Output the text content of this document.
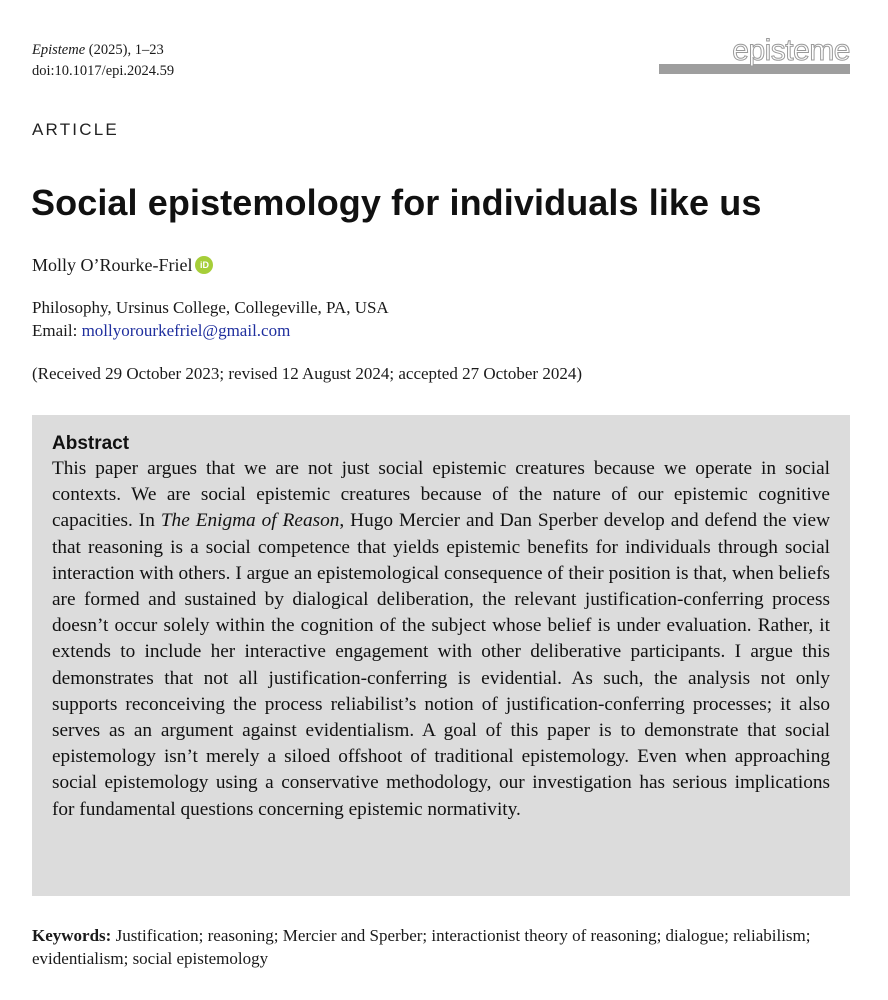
Episteme (2025), 1–23
doi:10.1017/epi.2024.59
episteme
ARTICLE
Social epistemology for individuals like us
Molly O’Rourke-Friel iD
Philosophy, Ursinus College, Collegeville, PA, USA
Email: mollyorourkefriel@gmail.com
(Received 29 October 2023; revised 12 August 2024; accepted 27 October 2024)
Abstract
This paper argues that we are not just social epistemic creatures because we operate in social contexts. We are social epistemic creatures because of the nature of our epistemic cognitive capacities. In The Enigma of Reason, Hugo Mercier and Dan Sperber develop and defend the view that reasoning is a social competence that yields epistemic benefits for individuals through social interaction with others. I argue an epistemological consequence of their position is that, when beliefs are formed and sustained by dialogical deliberation, the relevant justification-conferring process doesn’t occur solely within the cognition of the subject whose belief is under evaluation. Rather, it extends to include her interactive engagement with other deliberative participants. I argue this demonstrates that not all justification-conferring is evidential. As such, the analysis not only supports reconceiving the process reliabilist’s notion of justification-conferring processes; it also serves as an argument against evidentialism. A goal of this paper is to demonstrate that social epistemology isn’t merely a siloed offshoot of traditional epistemology. Even when approaching social epistemology using a conservative methodology, our investigation has serious implications for fundamental questions concerning epistemic normativity.
Keywords: Justification; reasoning; Mercier and Sperber; interactionist theory of reasoning; dialogue; reliabilism; evidentialism; social epistemology
